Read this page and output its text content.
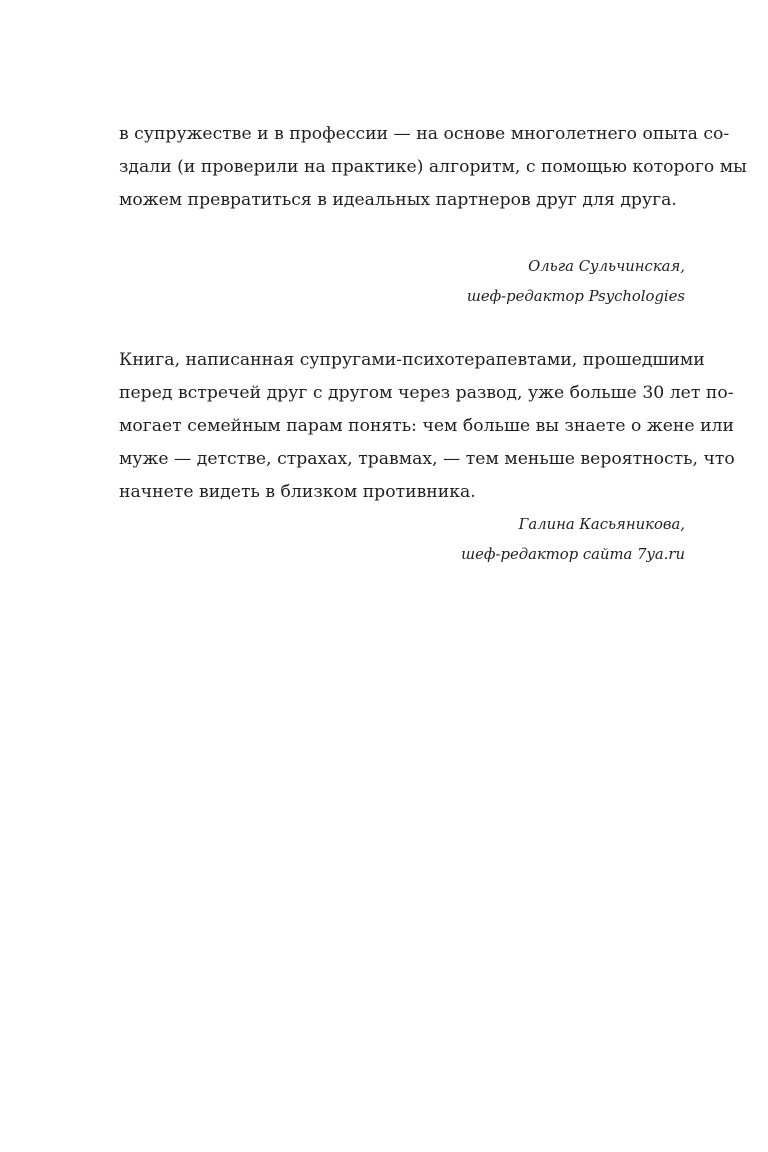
в супружестве и в профессии — на основе многолетнего опыта со-
здали (и проверили на практике) алгоритм, с помощью которого мы
можем превратиться в идеальных партнеров друг для друга.
Ольга Сульчинская,
шеф-редактор Psychologies
Книга, написанная супругами-психотерапевтами, прошедшими
перед встречей друг с другом через развод, уже больше 30 лет по-
могает семейным парам понять: чем больше вы знаете о жене или
муже — детстве, страхах, травмах, — тем меньше вероятность, что
начнете видеть в близком противника.
Галина Касьяникова,
шеф-редактор сайта 7ya.ru
